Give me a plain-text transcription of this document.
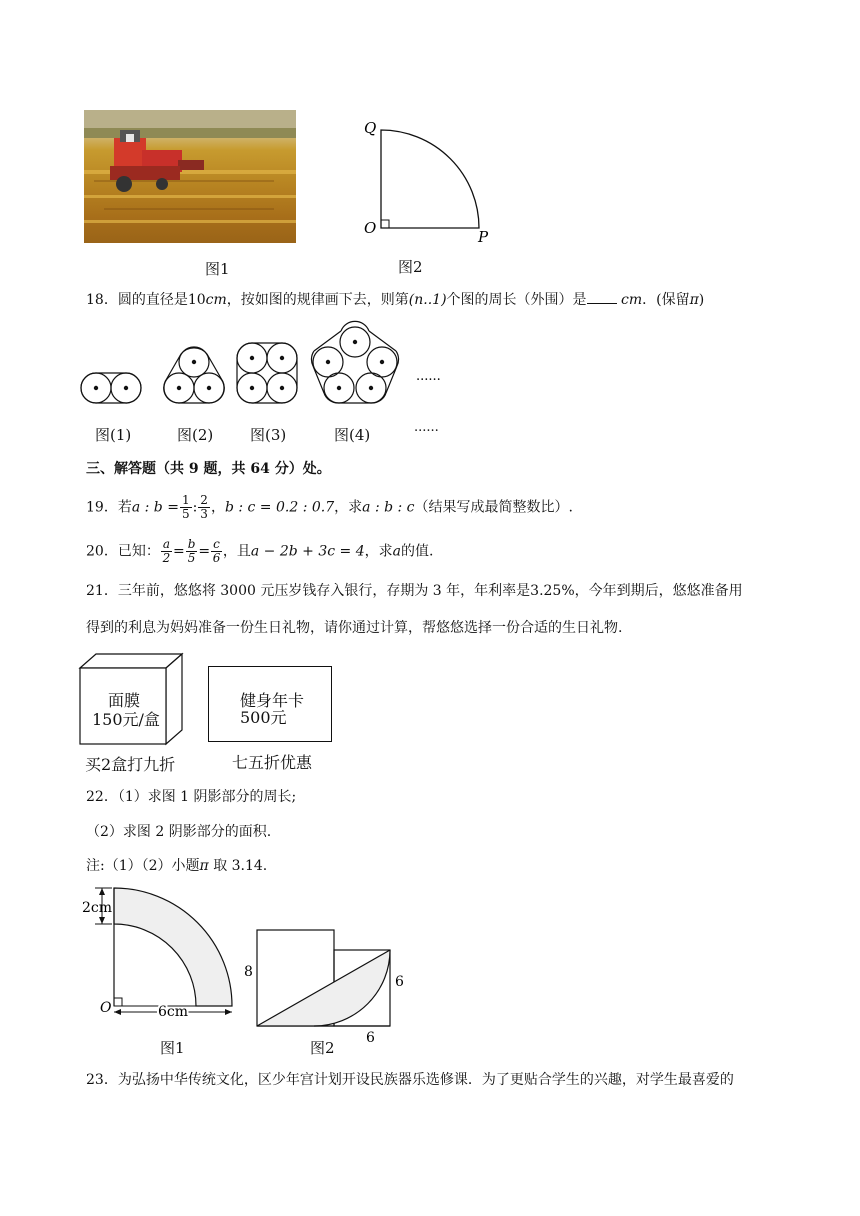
图1
Q
O	P
图2
18．圆的直径是10cm，按如图的规律画下去，则第(n..1)个图的周长（外围）是 cm．(保留π)
......
图(1)	图(2) 图(3)	图(4)	......
三、解答题（共 9 题，共 64 分）处。
19．若a : $b = \frac{1}{5}$ : $\frac{2}{3}$ ，b : c = 0.2 : 0.7，求a : b : c（结果写成最简整数比）.
20．已知： $\frac{a}{2} = \frac{b}{5} = \frac{c}{6}$ ，且a − 2b + 3c = 4，求a的值.
21．三年前，悠悠将 3000 元压岁钱存入银行，存期为 3 年，年利率是3.25%，今年到期后，悠悠准备用
得到的利息为妈妈准备一份生日礼物，请你通过计算，帮悠悠选择一份合适的生日礼物.
面膜
150元/盒
买2盒打九折
健身年卡
500元
七五折优惠
22．（1）求图 1 阴影部分的周长;
（2）求图 2 阴影部分的面积.
注:（1）（2）小题π 取 3.14.
2cm
O	6cm
图1
8
6
6
图2
23．为弘扬中华传统文化，区少年宫计划开设民族器乐选修课．为了更贴合学生的兴趣，对学生最喜爱的
